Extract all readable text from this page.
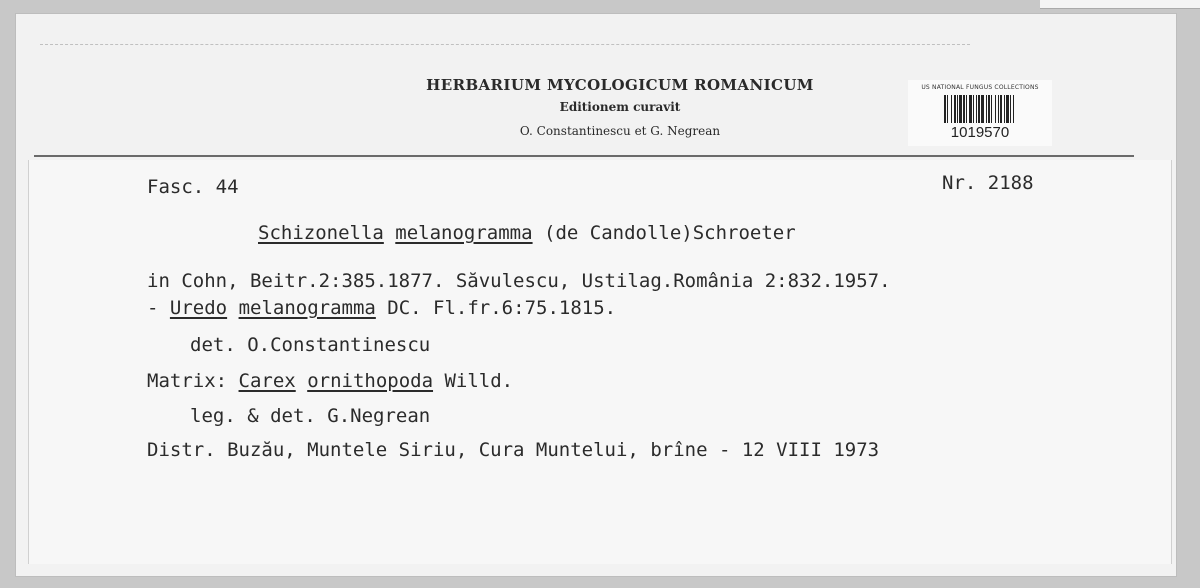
HERBARIUM MYCOLOGICUM ROMANICUM
Editionem curavit
O. Constantinescu et G. Negrean
US NATIONAL FUNGUS COLLECTIONS
1019570
Fasc. 44	Nr. 2188
Schizonella melanogramma (de Candolle)Schroeter
in Cohn, Beitr.2:385.1877. Săvulescu, Ustilag.România 2:832.1957.
- Uredo melanogramma DC. Fl.fr.6:75.1815.
det. O.Constantinescu
Matrix: Carex ornithopoda Willd.
leg. & det. G.Negrean
Distr. Buzău, Muntele Siriu, Cura Muntelui, brîne - 12 VIII 1973
